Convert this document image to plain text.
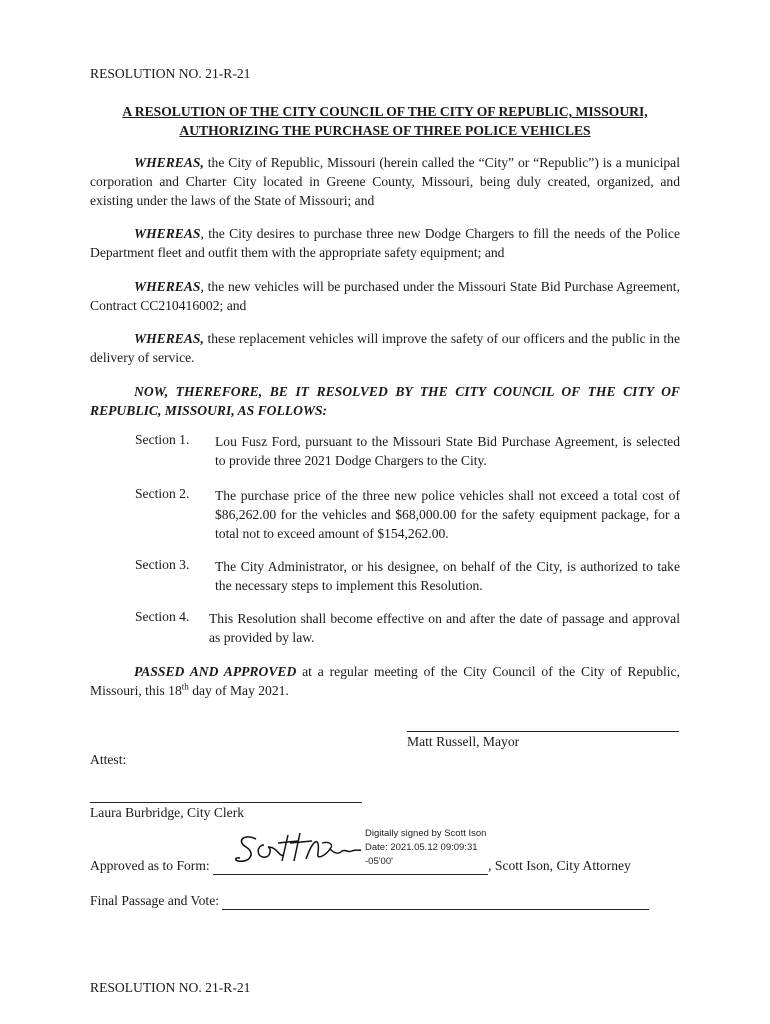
RESOLUTION NO. 21-R-21
A RESOLUTION OF THE CITY COUNCIL OF THE CITY OF REPUBLIC, MISSOURI,
AUTHORIZING THE PURCHASE OF THREE POLICE VEHICLES
WHEREAS, the City of Republic, Missouri (herein called the “City” or “Republic”) is a municipal corporation and Charter City located in Greene County, Missouri, being duly created, organized, and existing under the laws of the State of Missouri; and
WHEREAS, the City desires to purchase three new Dodge Chargers to fill the needs of the Police Department fleet and outfit them with the appropriate safety equipment; and
WHEREAS, the new vehicles will be purchased under the Missouri State Bid Purchase Agreement, Contract CC210416002; and
WHEREAS, these replacement vehicles will improve the safety of our officers and the public in the delivery of service.
NOW, THEREFORE, BE IT RESOLVED BY THE CITY COUNCIL OF THE CITY OF REPUBLIC, MISSOURI, AS FOLLOWS:
Section 1. Lou Fusz Ford, pursuant to the Missouri State Bid Purchase Agreement, is selected to provide three 2021 Dodge Chargers to the City.
Section 2. The purchase price of the three new police vehicles shall not exceed a total cost of $86,262.00 for the vehicles and $68,000.00 for the safety equipment package, for a total not to exceed amount of $154,262.00.
Section 3. The City Administrator, or his designee, on behalf of the City, is authorized to take the necessary steps to implement this Resolution.
Section 4. This Resolution shall become effective on and after the date of passage and approval as provided by law.
PASSED AND APPROVED at a regular meeting of the City Council of the City of Republic, Missouri, this 18th day of May 2021.
Matt Russell, Mayor
Attest:
Laura Burbridge, City Clerk
Digitally signed by Scott Ison
Date: 2021.05.12 09:09:31
-05'00'
Approved as to Form:	, Scott Ison, City Attorney
Final Passage and Vote:
RESOLUTION NO. 21-R-21
